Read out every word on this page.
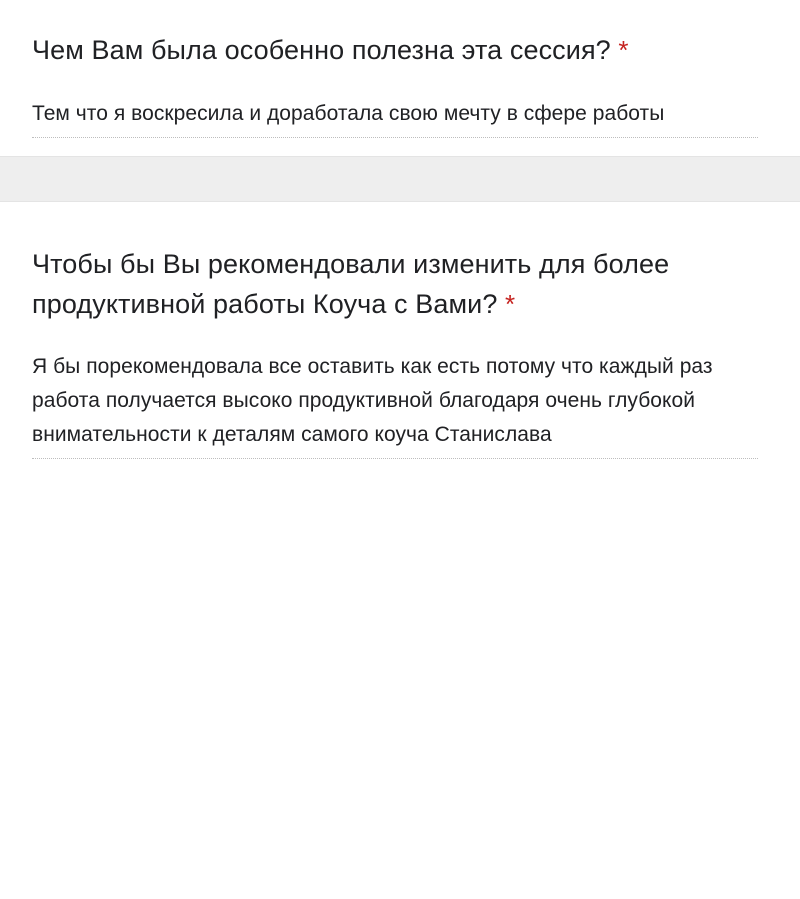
Чем Вам была особенно полезна эта сессия? *

Тем что я воскресила и доработала свою мечту в сфере работы

Чтобы бы Вы рекомендовали изменить для более продуктивной работы Коуча с Вами? *

Я бы порекомендовала все оставить как есть потому что каждый раз работа получается высоко продуктивной благодаря очень глубокой внимательности к деталям самого коуча Станислава
